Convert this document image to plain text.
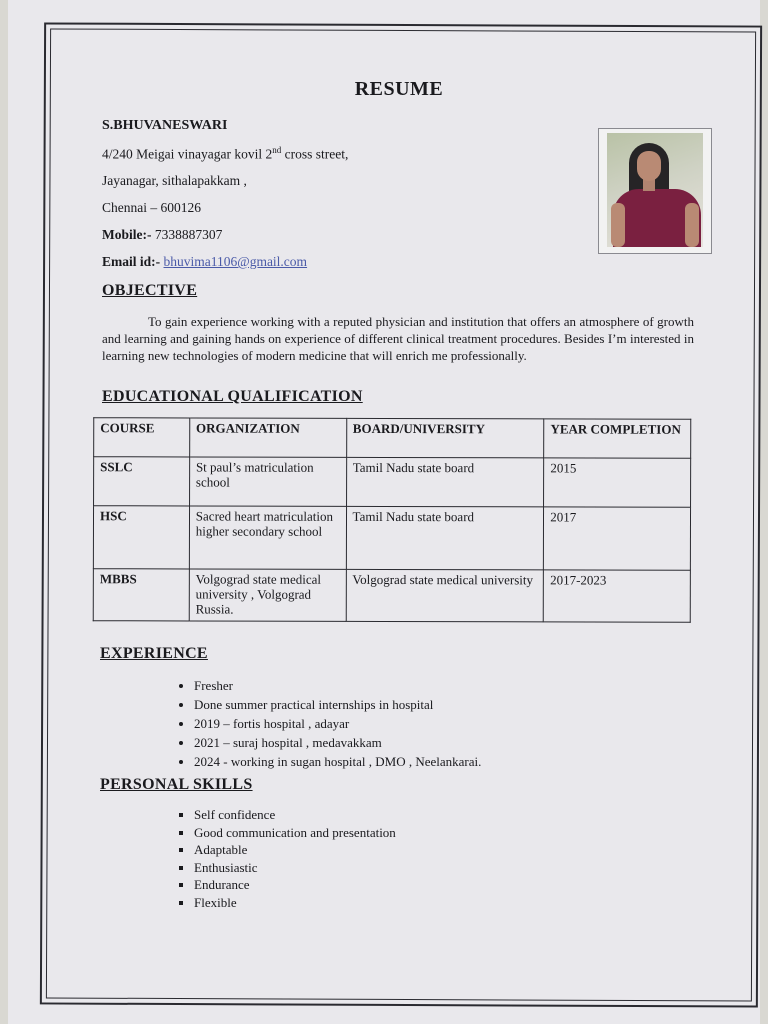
RESUME
S.BHUVANESWARI
4/240 Meigai vinayagar kovil 2nd cross street,
Jayanagar, sithalapakkam ,
Chennai – 600126
Mobile:- 7338887307
Email id:- bhuvima1106@gmail.com
OBJECTIVE
To gain experience working with a reputed physician and institution that offers an atmosphere of growth and learning and gaining hands on experience of different clinical treatment procedures. Besides I’m interested in learning new technologies of modern medicine that will enrich me professionally.
EDUCATIONAL QUALIFICATION
COURSE	ORGANIZATION	BOARD/UNIVERSITY	YEAR COMPLETION
SSLC	St paul’s matriculation school	Tamil Nadu state board	2015
HSC	Sacred heart matriculation higher secondary school	Tamil Nadu state board	2017
MBBS	Volgograd state medical university , Volgograd Russia.	Volgograd state medical university	2017-2023
EXPERIENCE
• Fresher
• Done summer practical internships in hospital
• 2019 – fortis hospital , adayar
• 2021 – suraj hospital , medavakkam
• 2024 - working in sugan hospital , DMO , Neelankarai.
PERSONAL SKILLS
▪ Self confidence
▪ Good communication and presentation
▪ Adaptable
▪ Enthusiastic
▪ Endurance
▪ Flexible
